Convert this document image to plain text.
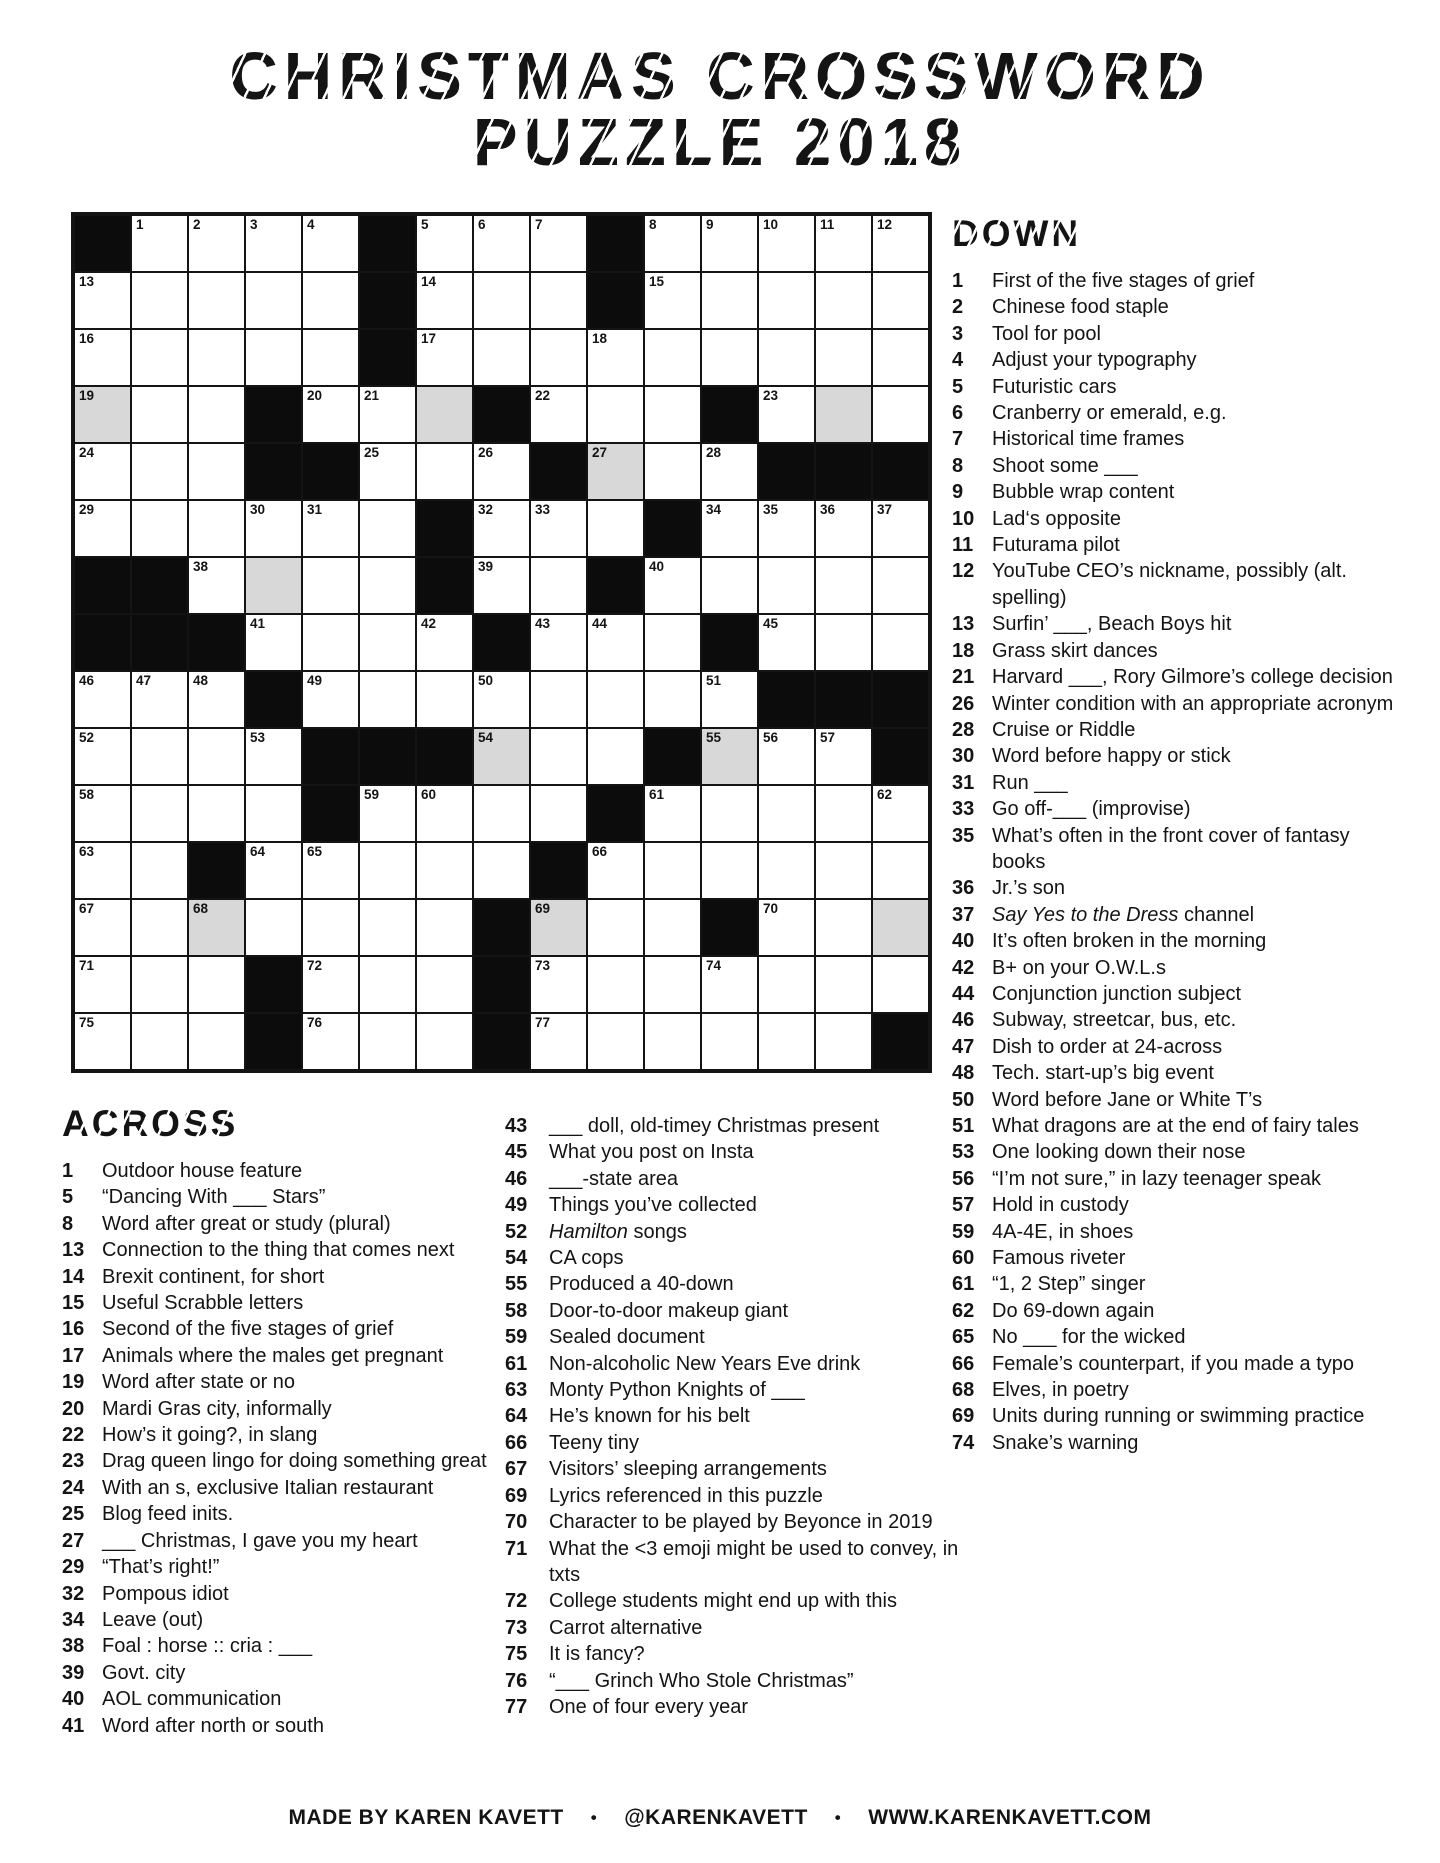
CHRISTMAS CROSSWORD
PUZZLE 2018
1	2	3	4	5	6	7	8	9	10	11	12
13	14	15
16	17	18
19	20	21	22	23
24	25	26	27	28
29	30	31	32	33	34	35	36	37
38	39	40
41	42	43	44	45
46	47	48	49	50	51
52	53	54	55	56	57
58	59	60	61	62
63	64	65	66
67	68	69	70
71	72	73	74
75	76	77
DOWN
1	First of the five stages of grief
2	Chinese food staple
3	Tool for pool
4	Adjust your typography
5	Futuristic cars
6	Cranberry or emerald, e.g.
7	Historical time frames
8	Shoot some ___
9	Bubble wrap content
10 Lad‘s opposite
11 Futurama pilot
12 YouTube CEO’s nickname, possibly (alt. spelling)
13 Surfin’ ___, Beach Boys hit
18 Grass skirt dances
21 Harvard ___, Rory Gilmore’s college decision
26 Winter condition with an appropriate acronym
28 Cruise or Riddle
30 Word before happy or stick
31 Run ___
33 Go off-___ (improvise)
35 What’s often in the front cover of fantasy books
36 Jr.’s son
37 Say Yes to the Dress channel
40 It’s often broken in the morning
42 B+ on your O.W.L.s
44 Conjunction junction subject
46 Subway, streetcar, bus, etc.
47 Dish to order at 24-across
48 Tech. start-up’s big event
50 Word before Jane or White T’s
51 What dragons are at the end of fairy tales
53 One looking down their nose
56 “I’m not sure,” in lazy teenager speak
57 Hold in custody
59 4A-4E, in shoes
60 Famous riveter
61 “1, 2 Step” singer
62 Do 69-down again
65 No ___ for the wicked
66 Female’s counterpart, if you made a typo
68 Elves, in poetry
69 Units during running or swimming practice
74 Snake’s warning
ACROSS
1	Outdoor house feature
5	“Dancing With ___ Stars”
8	Word after great or study (plural)
13 Connection to the thing that comes next
14 Brexit continent, for short
15 Useful Scrabble letters
16 Second of the five stages of grief
17 Animals where the males get pregnant
19 Word after state or no
20 Mardi Gras city, informally
22 How’s it going?, in slang
23 Drag queen lingo for doing something great
24 With an s, exclusive Italian restaurant
25 Blog feed inits.
27 ___ Christmas, I gave you my heart
29 “That’s right!”
32 Pompous idiot
34 Leave (out)
38 Foal : horse :: cria : ___
39 Govt. city
40 AOL communication
41 Word after north or south
43	___ doll, old-timey Christmas present
45	What you post on Insta
46	___-state area
49	Things you’ve collected
52	Hamilton songs
54	CA cops
55	Produced a 40-down
58	Door-to-door makeup giant
59	Sealed document
61	Non-alcoholic New Years Eve drink
63	Monty Python Knights of ___
64	He’s known for his belt
66	Teeny tiny
67	Visitors’ sleeping arrangements
69	Lyrics referenced in this puzzle
70	Character to be played by Beyonce in 2019
71	What the <3 emoji might be used to convey, in txts
72	College students might end up with this
73	Carrot alternative
75	It is fancy?
76	“___ Grinch Who Stole Christmas”
77	One of four every year
MADE BY KAREN KAVETT • @KARENKAVETT • WWW.KARENKAVETT.COM
